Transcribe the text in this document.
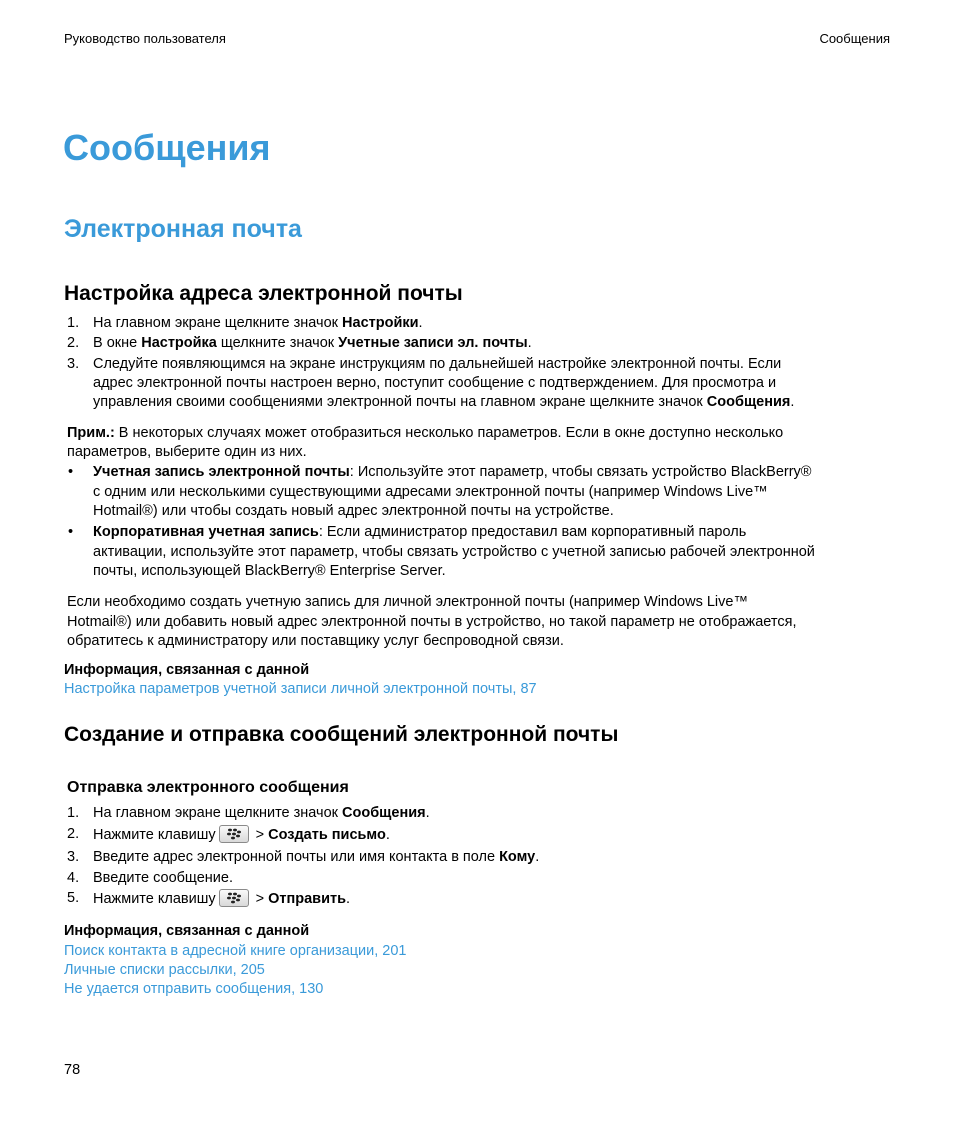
Руководство пользователя	Сообщения
Сообщения
Электронная почта
Настройка адреса электронной почты
1. На главном экране щелкните значок Настройки.
2. В окне Настройка щелкните значок Учетные записи эл. почты.
3. Следуйте появляющимся на экране инструкциям по дальнейшей настройке электронной почты. Если
адрес электронной почты настроен верно, поступит сообщение с подтверждением. Для просмотра и
управления своими сообщениями электронной почты на главном экране щелкните значок Сообщения.
Прим.: В некоторых случаях может отобразиться несколько параметров. Если в окне доступно несколько
параметров, выберите один из них.
• Учетная запись электронной почты: Используйте этот параметр, чтобы связать устройство BlackBerry®
с одним или несколькими существующими адресами электронной почты (например Windows Live™
Hotmail®) или чтобы создать новый адрес электронной почты на устройстве.
• Корпоративная учетная запись: Если администратор предоставил вам корпоративный пароль
активации, используйте этот параметр, чтобы связать устройство с учетной записью рабочей электронной
почты, использующей BlackBerry® Enterprise Server.
Если необходимо создать учетную запись для личной электронной почты (например Windows Live™
Hotmail®) или добавить новый адрес электронной почты в устройство, но такой параметр не отображается,
обратитесь к администратору или поставщику услуг беспроводной связи.
Информация, связанная с данной
Настройка параметров учетной записи личной электронной почты, 87
Создание и отправка сообщений электронной почты
Отправка электронного сообщения
1. На главном экране щелкните значок Сообщения.
2. Нажмите клавишу
> Создать письмо.
3. Введите адрес электронной почты или имя контакта в поле Кому.
4. Введите сообщение.
5. Нажмите клавишу
> Отправить.
Информация, связанная с данной
Поиск контакта в адресной книге организации, 201
Личные списки рассылки, 205
Не удается отправить сообщения, 130
78
